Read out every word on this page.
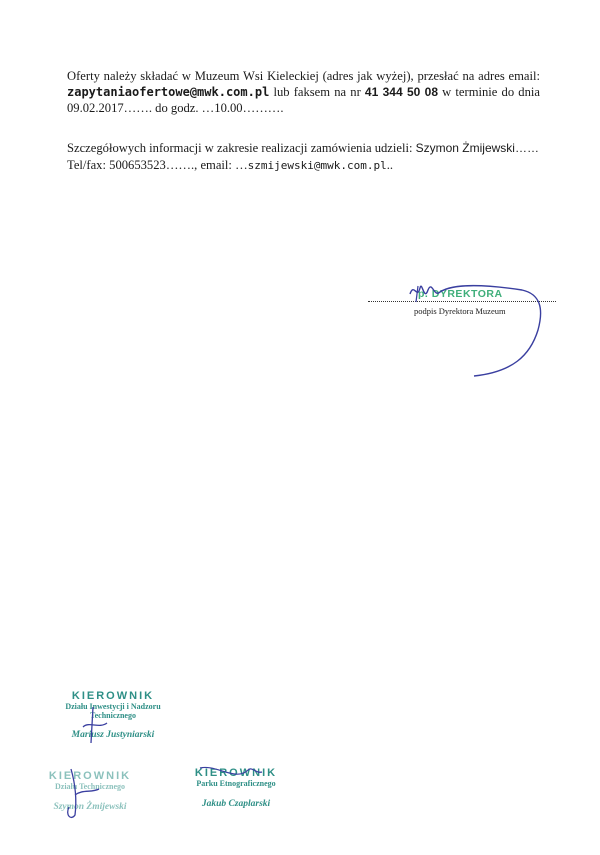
Oferty należy składać w Muzeum Wsi Kieleckiej (adres jak wyżej), przesłać na adres email: zapytaniaofertowe@mwk.com.pl lub faksem na nr 41 344 50 08 w terminie do dnia 09.02.2017……. do godz. …10.00……….
Szczegółowych informacji w zakresie realizacji zamówienia udzieli: Szymon Żmijewski……
Tel/fax: 500653523……., email: …szmijewski@mwk.com.pl..
p. DYREKTORA
podpis Dyrektora Muzeum
KIEROWNIK
Działu Inwestycji i Nadzoru Technicznego
Mariusz Justyniarski
KIEROWNIK
Działu Technicznego
Szymon Żmijewski
KIEROWNIK
Parku Etnograficznego
Jakub Czaplarski
